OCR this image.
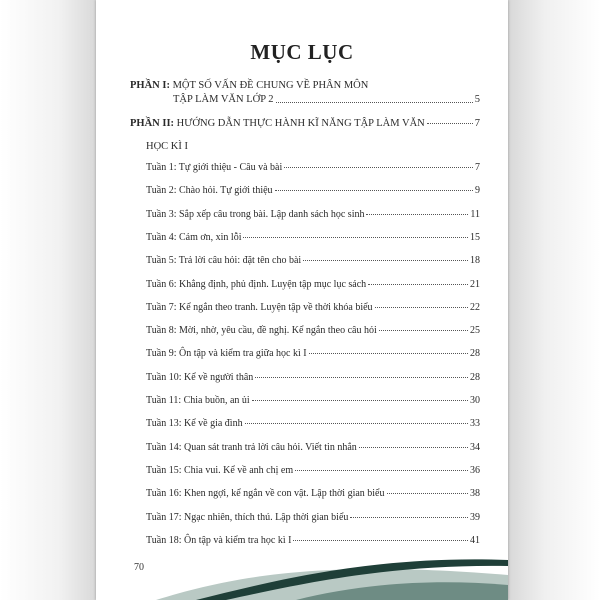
MỤC LỤC
PHẦN I:
MỘT SỐ VẤN ĐỀ CHUNG VỀ PHÂN MÔN
TẬP LÀM VĂN LỚP 2	5
PHẦN II:
HƯỚNG DẪN THỰC HÀNH KĨ NĂNG TẬP LÀM VĂN	7
HỌC KÌ I
Tuần 1: Tự giới thiệu - Câu và bài	7
Tuần 2: Chào hỏi. Tự giới thiệu	9
Tuần 3: Sắp xếp câu trong bài. Lập danh sách học sinh	11
Tuần 4: Cảm ơn, xin lỗi	15
Tuần 5: Trả lời câu hỏi: đặt tên cho bài	18
Tuần 6: Khẳng định, phủ định. Luyện tập mục lục sách	21
Tuần 7: Kể ngắn theo tranh. Luyện tập về thời khóa biểu	22
Tuần 8: Mời, nhờ, yêu cầu, đề nghị. Kể ngắn theo câu hỏi	25
Tuần 9: Ôn tập và kiểm tra giữa học kì I	28
Tuần 10: Kể về người thân	28
Tuần 11: Chia buồn, an ủi	30
Tuần 13: Kể về gia đình	33
Tuần 14: Quan sát tranh trả lời câu hỏi. Viết tin nhắn	34
Tuần 15: Chia vui. Kể về anh chị em	36
Tuần 16: Khen ngợi, kể ngắn về con vật. Lập thời gian biểu	38
Tuần 17: Ngạc nhiên, thích thú. Lập thời gian biểu	39
Tuần 18: Ôn tập và kiểm tra học kì I	41
70
